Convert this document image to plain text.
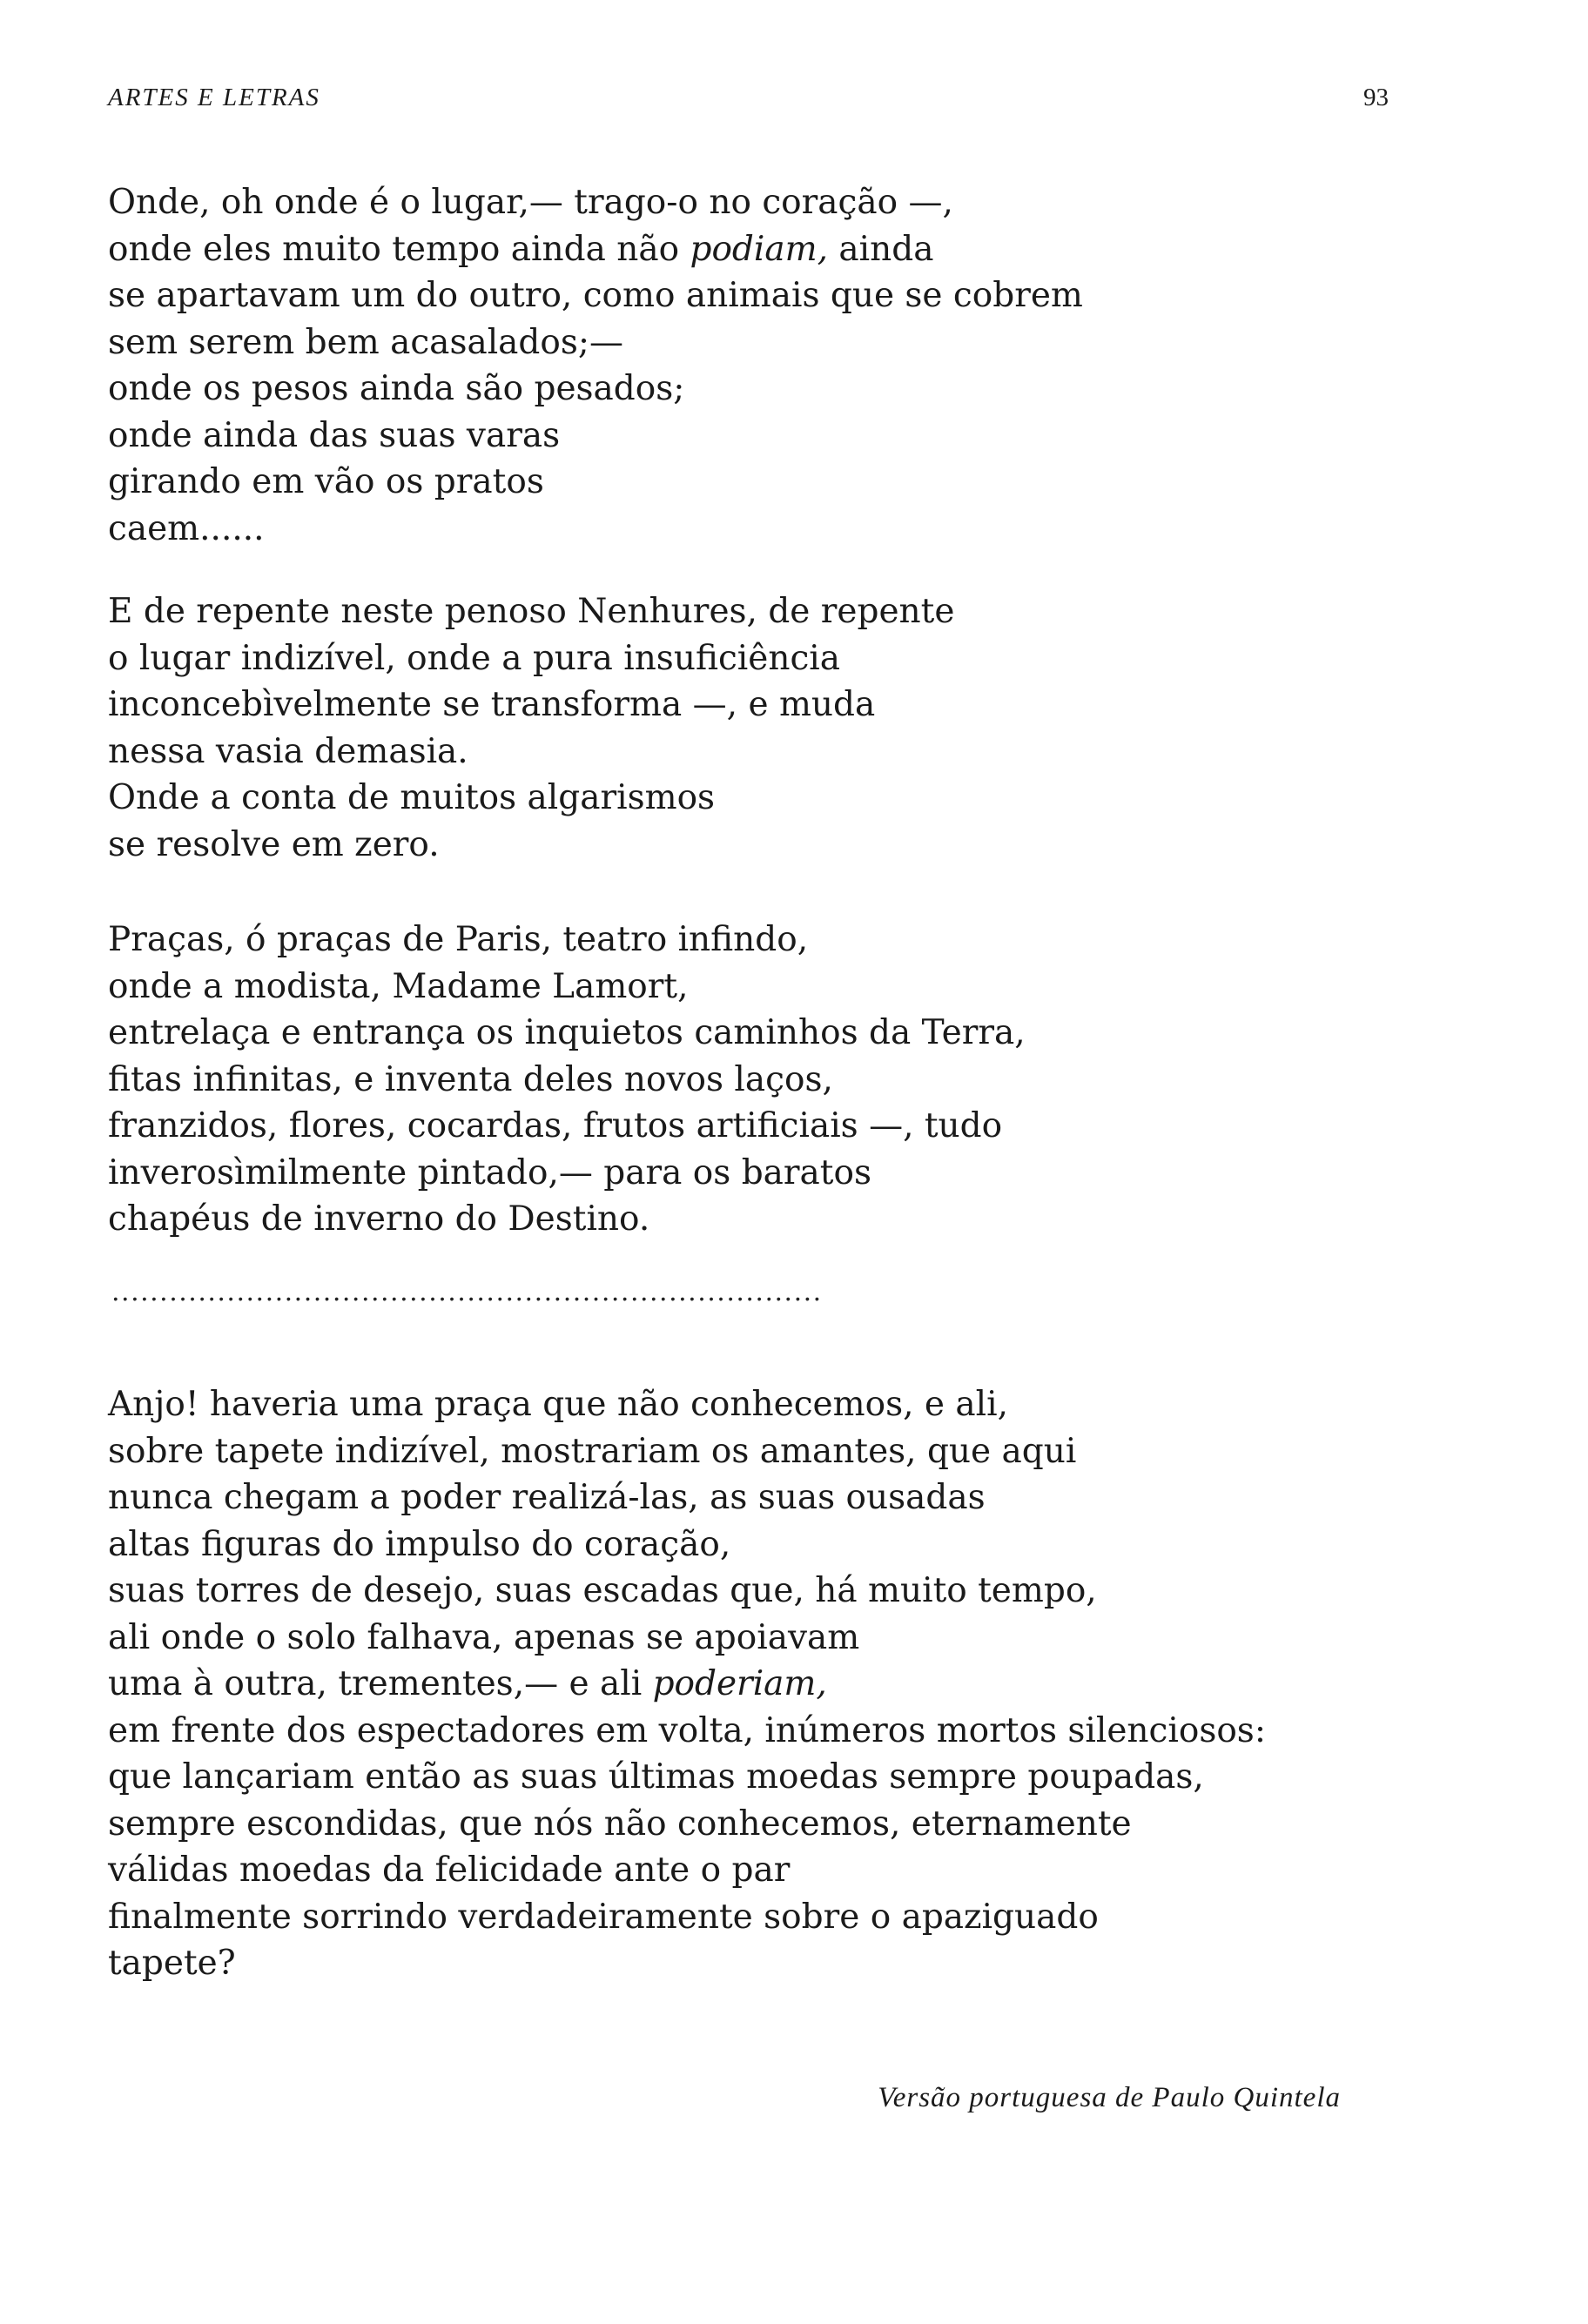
ARTES E LETRAS	93
Onde, oh onde é o lugar,— trago-o no coração —,
onde eles muito tempo ainda não podiam, ainda
se apartavam um do outro, como animais que se cobrem
sem serem bem acasalados;—
onde os pesos ainda são pesados;
onde ainda das suas varas
girando em vão os pratos
caem......
E de repente neste penoso Nenhures, de repente
o lugar indizível, onde a pura insuficiência
inconcebìvelmente se transforma —, e muda
nessa vasia demasia.
Onde a conta de muitos algarismos
se resolve em zero.
Praças, ó praças de Paris, teatro infindo,
onde a modista, Madame Lamort,
entrelaça e entrança os inquietos caminhos da Terra,
fitas infinitas, e inventa deles novos laços,
franzidos, flores, cocardas, frutos artificiais —, tudo
inverosìmilmente pintado,— para os baratos
chapéus de inverno do Destino.
..........................................................................
Anjo! haveria uma praça que não conhecemos, e ali,
sobre tapete indizível, mostrariam os amantes, que aqui
nunca chegam a poder realizá-las, as suas ousadas
altas figuras do impulso do coração,
suas torres de desejo, suas escadas que, há muito tempo,
ali onde o solo falhava, apenas se apoiavam
uma à outra, trementes,— e ali poderiam,
em frente dos espectadores em volta, inúmeros mortos silenciosos:
que lançariam então as suas últimas moedas sempre poupadas,
sempre escondidas, que nós não conhecemos, eternamente
válidas moedas da felicidade ante o par
finalmente sorrindo verdadeiramente sobre o apaziguado
tapete?
Versão portuguesa de Paulo Quintela
